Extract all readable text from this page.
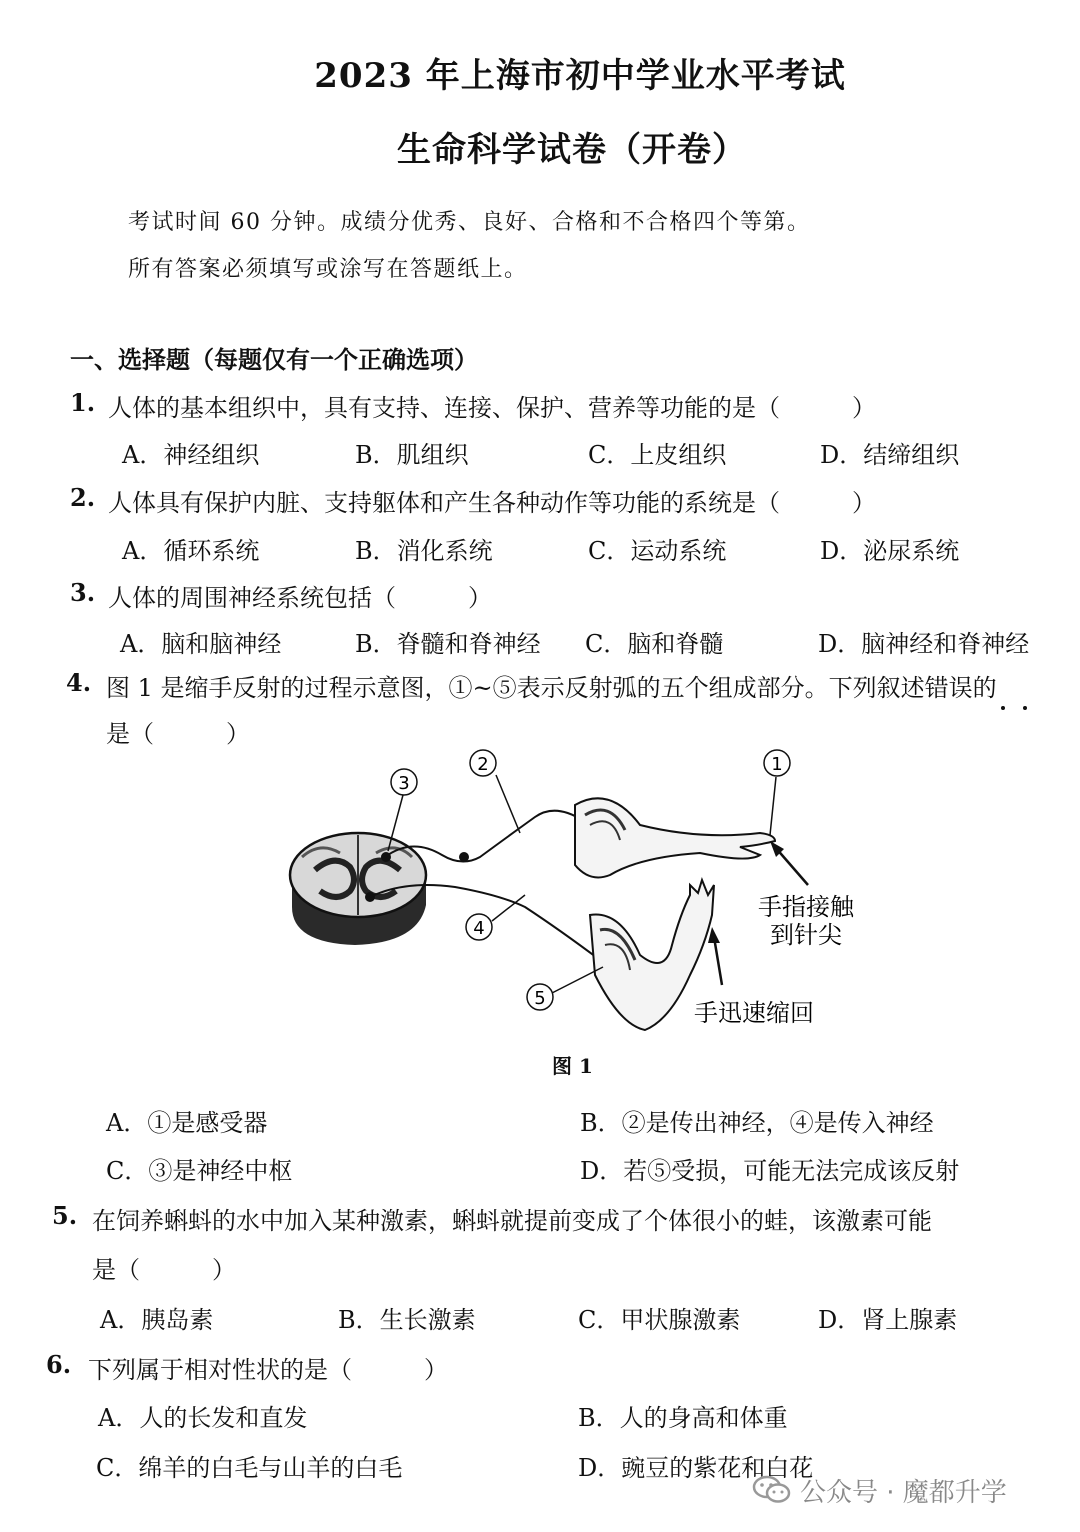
2023 年上海市初中学业水平考试
生命科学试卷（开卷）
考试时间 60 分钟。成绩分优秀、良好、合格和不合格四个等第。
所有答案必须填写或涂写在答题纸上。
一、选择题（每题仅有一个正确选项）
1. 人体的基本组织中，具有支持、连接、保护、营养等功能的是（　　　）
A．神经组织	B．肌组织	C．上皮组织	D．结缔组织
2. 人体具有保护内脏、支持躯体和产生各种动作等功能的系统是（　　　）
A．循环系统	B．消化系统	C．运动系统	D．泌尿系统
3. 人体的周围神经系统包括（　　　）
A．脑和脑神经	B．脊髓和脊神经 C．脑和脊髓	D．脑神经和脊神经
4. 图 1 是缩手反射的过程示意图，①~⑤表示反射弧的五个组成部分。下列叙述错误的
是（　　　）
3
2	1
4
5
手指接触
到针尖
手迅速缩回
图 1
A．①是感受器	B．②是传出神经，④是传入神经
C．③是神经中枢	D．若⑤受损，可能无法完成该反射
5. 在饲养蝌蚪的水中加入某种激素，蝌蚪就提前变成了个体很小的蛙，该激素可能
是（　　　）
A．胰岛素	B．生长激素	C．甲状腺激素	D．肾上腺素
6. 下列属于相对性状的是（　　　）
A．人的长发和直发	B．人的身高和体重
C．绵羊的白毛与山羊的白毛	D．豌豆的紫花和白花
公众号 · 魔都升学
